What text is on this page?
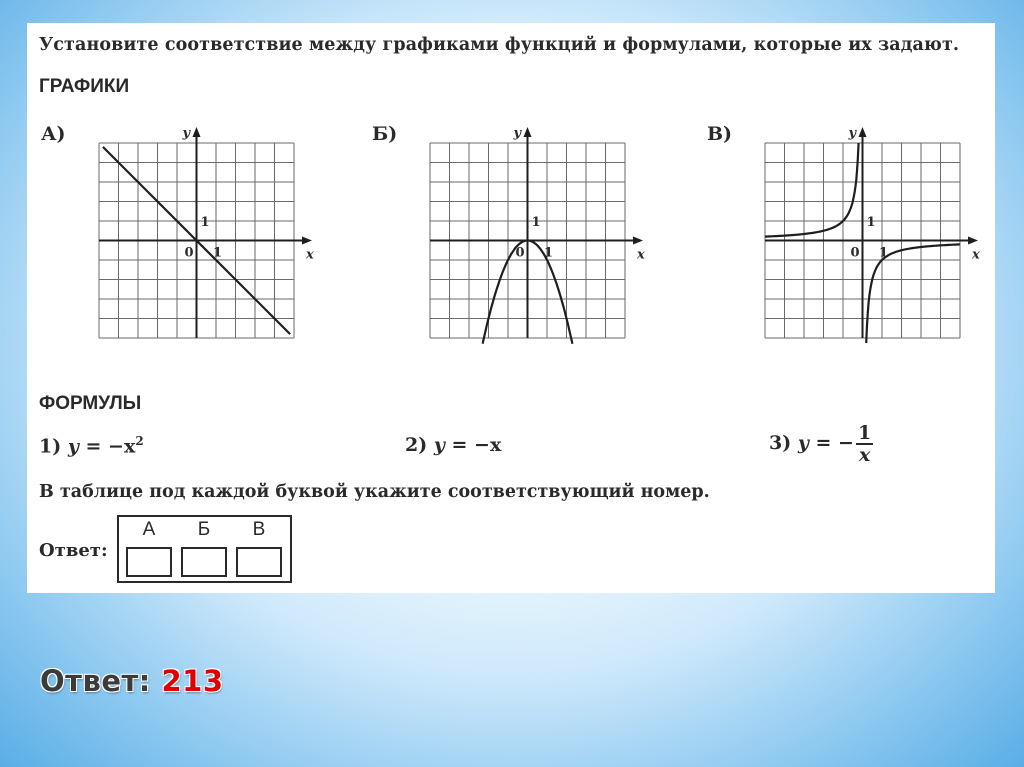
Установите соответствие между графиками функций и формулами, которые их задают.
ГРАФИКИ
А)
x
y
0 1
1
Б)
x
y
0 1
1
В)
x
y
0 1
1
ФОРМУЛЫ
1) $y = -x^2$	2) y = −x	3) y = − $\frac{1}{x}$
В таблице под каждой буквой укажите соответствующий номер.
Ответ:
А	Б	В
Ответ: 213
